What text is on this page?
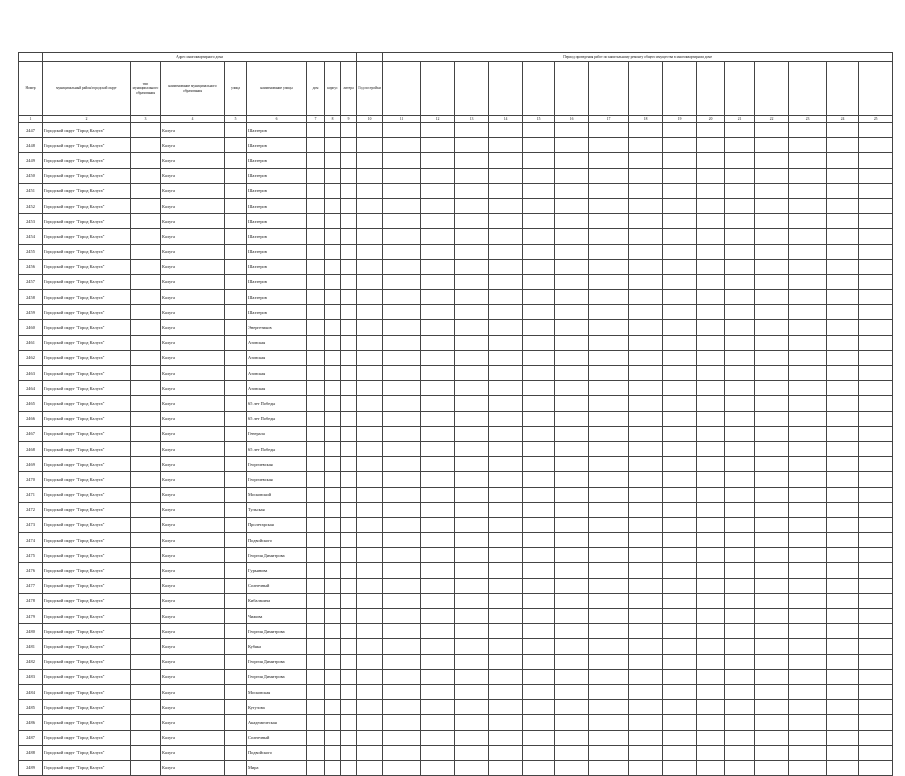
	Адрес многоквартирного дома									Период проведения работ по капитальному ремонту общего имущества в многоквартирном доме														
Номер	муниципальный район/городской округ	тип муниципального образования	наименование муниципального образования	улица	наименование улицы	дом	корпус	литера	Год постройки															
1	2	3	4	5	6	7	8	9	10	11	12	13	14	15	16	17	18	19	20	21	22	23	24	25
2447	Городской округ "Город Калуга"		Калуга		Шахтеров																			
2448	Городской округ "Город Калуга"		Калуга		Шахтеров																			
2449	Городской округ "Город Калуга"		Калуга		Шахтеров																			
2450	Городской округ "Город Калуга"		Калуга		Шахтеров																			
2451	Городской округ "Город Калуга"		Калуга		Шахтеров																			
2452	Городской округ "Город Калуга"		Калуга		Шахтеров																			
2453	Городской округ "Город Калуга"		Калуга		Шахтеров																			
2454	Городской округ "Город Калуга"		Калуга		Шахтеров																			
2455	Городской округ "Город Калуга"		Калуга		Шахтеров																			
2456	Городской округ "Город Калуга"		Калуга		Шахтеров																			
2457	Городской округ "Город Калуга"		Калуга		Шахтеров																			
2458	Городской округ "Город Калуга"		Калуга		Шахтеров																			
2459	Городской округ "Город Калуга"		Калуга		Шахтеров																			
2460	Городской округ "Город Калуга"		Калуга		Энергетиков																			
2461	Городской округ "Город Калуга"		Калуга		Азовская																			
2462	Городской округ "Город Калуга"		Калуга		Азовская																			
2463	Городской округ "Город Калуга"		Калуга		Азовская																			
2464	Городской округ "Город Калуга"		Калуга		Азовская																			
2465	Городской округ "Город Калуга"		Калуга		65 лет Победы																			
2466	Городской округ "Город Калуга"		Калуга		65 лет Победы																			
2467	Городской округ "Город Калуга"		Калуга		Генерала																			
2468	Городской округ "Город Калуга"		Калуга		65 лет Победы																			
2469	Городской округ "Город Калуга"		Калуга		Георгиевская																			
2470	Городской округ "Город Калуга"		Калуга		Георгиевская																			
2471	Городской округ "Город Калуга"		Калуга		Московский																			
2472	Городской округ "Город Калуга"		Калуга		Тульская																			
2473	Городской округ "Город Калуга"		Калуга		Пролетарская																			
2474	Городской округ "Город Калуга"		Калуга		Подвойского																			
2475	Городской округ "Город Калуга"		Калуга		Георгия Димитрова																			
2476	Городской округ "Город Калуга"		Калуга		Гурьянова																			
2477	Городской округ "Город Калуга"		Калуга		Солнечный																			
2478	Городской округ "Город Калуга"		Калуга		Кибальчича																			
2479	Городской округ "Город Калуга"		Калуга		Чижова																			
2480	Городской округ "Город Калуга"		Калуга		Георгия Димитрова																			
2481	Городской округ "Город Калуга"		Калуга		Кубяка																			
2482	Городской округ "Город Калуга"		Калуга		Георгия Димитрова																			
2483	Городской округ "Город Калуга"		Калуга		Георгия Димитрова																			
2484	Городской округ "Город Калуга"		Калуга		Московская																			
2485	Городской округ "Город Калуга"		Калуга		Кутузова																			
2486	Городской округ "Город Калуга"		Калуга		Академическая																			
2487	Городской округ "Город Калуга"		Калуга		Солнечный																			
2488	Городской округ "Город Калуга"		Калуга		Подвойского																			
2489	Городской округ "Город Калуга"		Калуга		Мира																			
